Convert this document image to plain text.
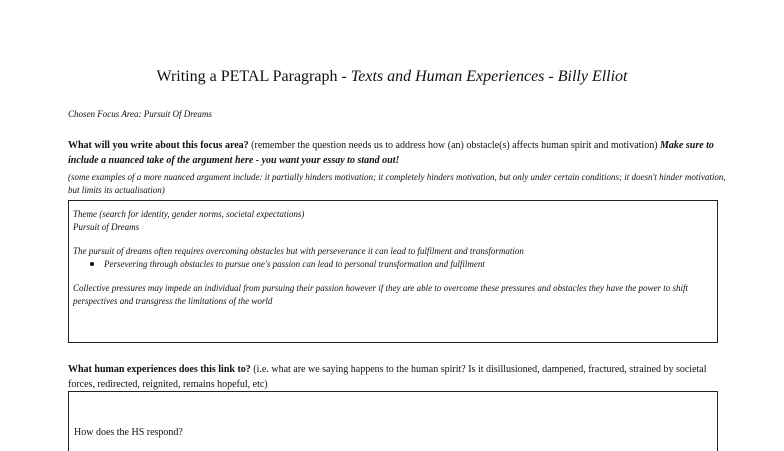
Writing a PETAL Paragraph - Texts and Human Experiences - Billy Elliot
Chosen Focus Area: Pursuit Of Dreams
What will you write about this focus area? (remember the question needs us to address how (an) obstacle(s) affects human spirit and motivation) Make sure to include a nuanced take of the argument here - you want your essay to stand out!
(some examples of a more nuanced argument include: it partially hinders motivation; it completely hinders motivation, but only under certain conditions; it doesn't hinder motivation, but limits its actualisation)

Theme (search for identity, gender norms, societal expectations)

Pursuit of Dreams

The pursuit of dreams often requires overcoming obstacles but with perseverance it can lead to fulfilment and transformation

Persevering through obstacles to pursue one's passion can lead to personal transformation and fulfilment

Collective pressures may impede an individual from pursuing their passion however if they are able to overcome these pressures and obstacles they have the power to shift perspectives and transgress the limitations of the world

What human experiences does this link to? (i.e. what are we saying happens to the human spirit? Is it disillusioned, dampened, fractured, strained by societal forces, redirected, reignited, remains hopeful, etc)
How does the HS respond?
